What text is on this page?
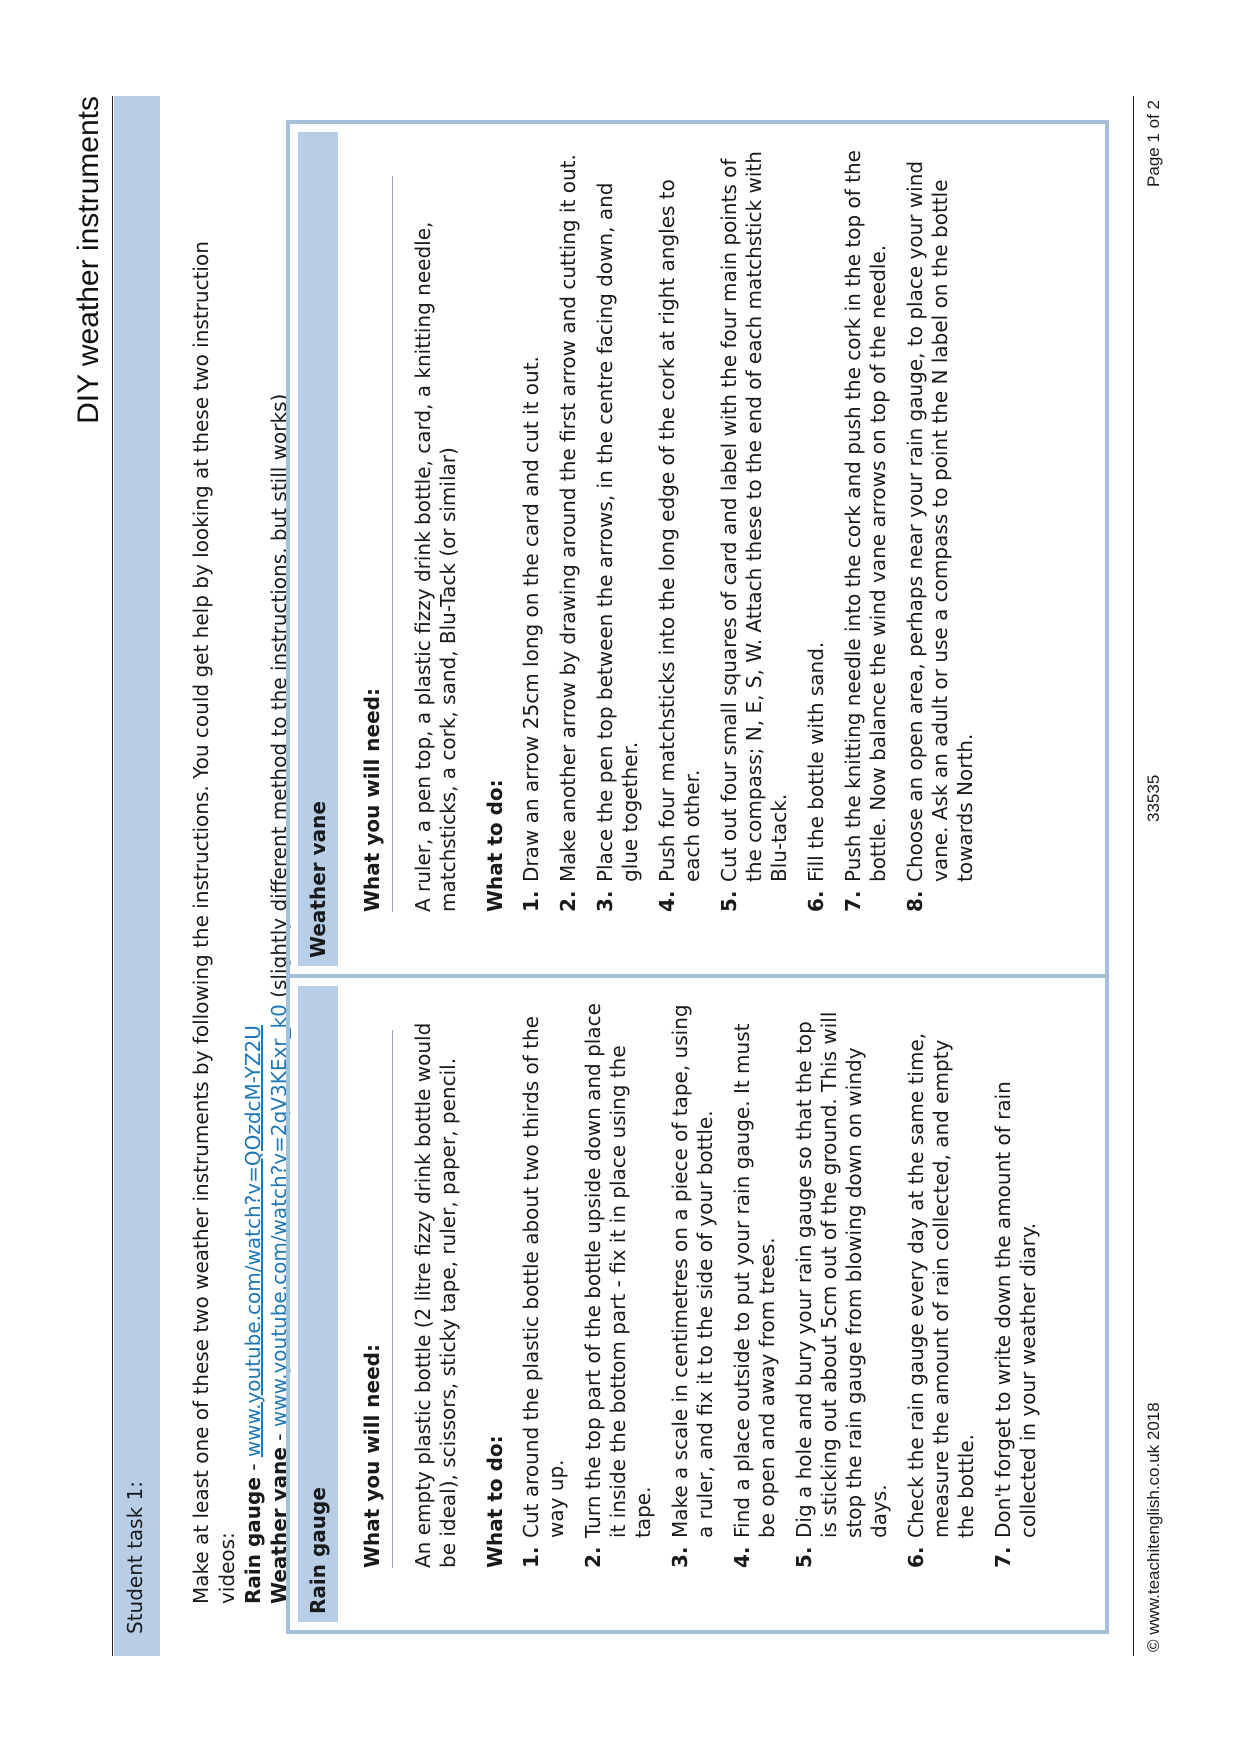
DIY weather instruments
Student task 1: Make at least one of these two weather instruments by following the instructions. You could get help by looking at these two instruction videos: Rain gauge - www.youtube.com/watch?v=QOzdcM-YZ2U
Weather vane - www.youtube.com/watch?v=2qV3KExr_k0 (slightly different method to the instructions, but still works)
Rain gauge	What you will need:	An empty plastic bottle (2 litre fizzy drink bottle would be ideal), scissors, sticky tape, ruler, paper, pencil. What to do: 1.
Cut around the plastic bottle about two thirds of the way up.
2.
Turn the top part of the bottle upside down and place it inside the bottom part - fix it in place using the tape.
3.
Make a scale in centimetres on a piece of tape, using a ruler, and fix it to the side of your bottle.
4.
Find a place outside to put your rain gauge. It must be open and away from trees.
5.
Dig a hole and bury your rain gauge so that the top is sticking out about 5cm out of the ground. This will stop the rain gauge from blowing down on windy days.
6.
Check the rain gauge every day at the same time, measure the amount of rain collected, and empty the bottle.
7.
Don't forget to write down the amount of rain collected in your weather diary.
Weather vane	What you will need:	A ruler, a pen top, a plastic fizzy drink bottle, card, a knitting needle, matchsticks, a cork, sand, Blu-Tack (or similar) What to do: 1.
Draw an arrow 25cm long on the card and cut it out.
2.
Make another arrow by drawing around the first arrow and cutting it out.
3.
Place the pen top between the arrows, in the centre facing down, and glue together.
4.
Push four matchsticks into the long edge of the cork at right angles to each other.
5.
Cut out four small squares of card and label with the four main points of the compass; N, E, S, W. Attach these to the end of each matchstick with Blu-tack.
6.
Fill the bottle with sand.
7.
Push the knitting needle into the cork and push the cork in the top of the bottle. Now balance the wind vane arrows on top of the needle.
8.
Choose an open area, perhaps near your rain gauge, to place your wind vane. Ask an adult or use a compass to point the N label on the bottle towards North.
© www.teachitenglish.co.uk 2018
33535
Page 1 of 2
